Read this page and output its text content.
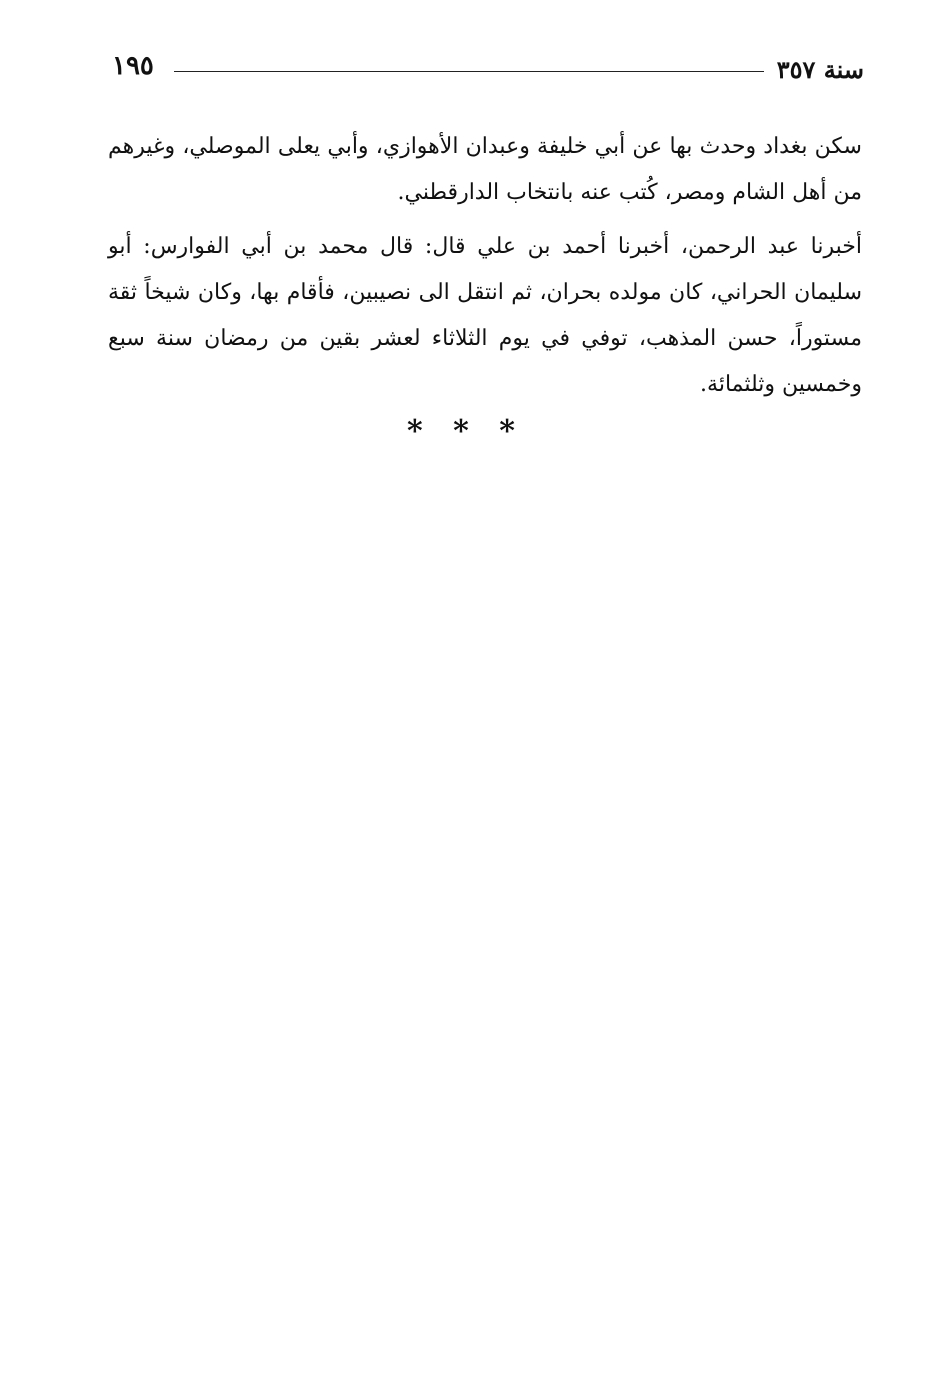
١٩٥	سنة ٣٥٧

سكن بغداد وحدث بها عن أبي خليفة وعبدان الأهوازي، وأبي يعلى الموصلي، وغيرهم من أهل الشام ومصر، كُتب عنه بانتخاب الدارقطني.

أخبرنا عبد الرحمن، أخبرنا أحمد بن علي قال: قال محمد بن أبي الفوارس: أبو سليمان الحراني، كان مولده بحران، ثم انتقل الى نصيبين، فأقام بها، وكان شيخاً ثقة مستوراً، حسن المذهب، توفي في يوم الثلاثاء لعشر بقين من رمضان سنة سبع وخمسين وثلثمائة.

* * *
